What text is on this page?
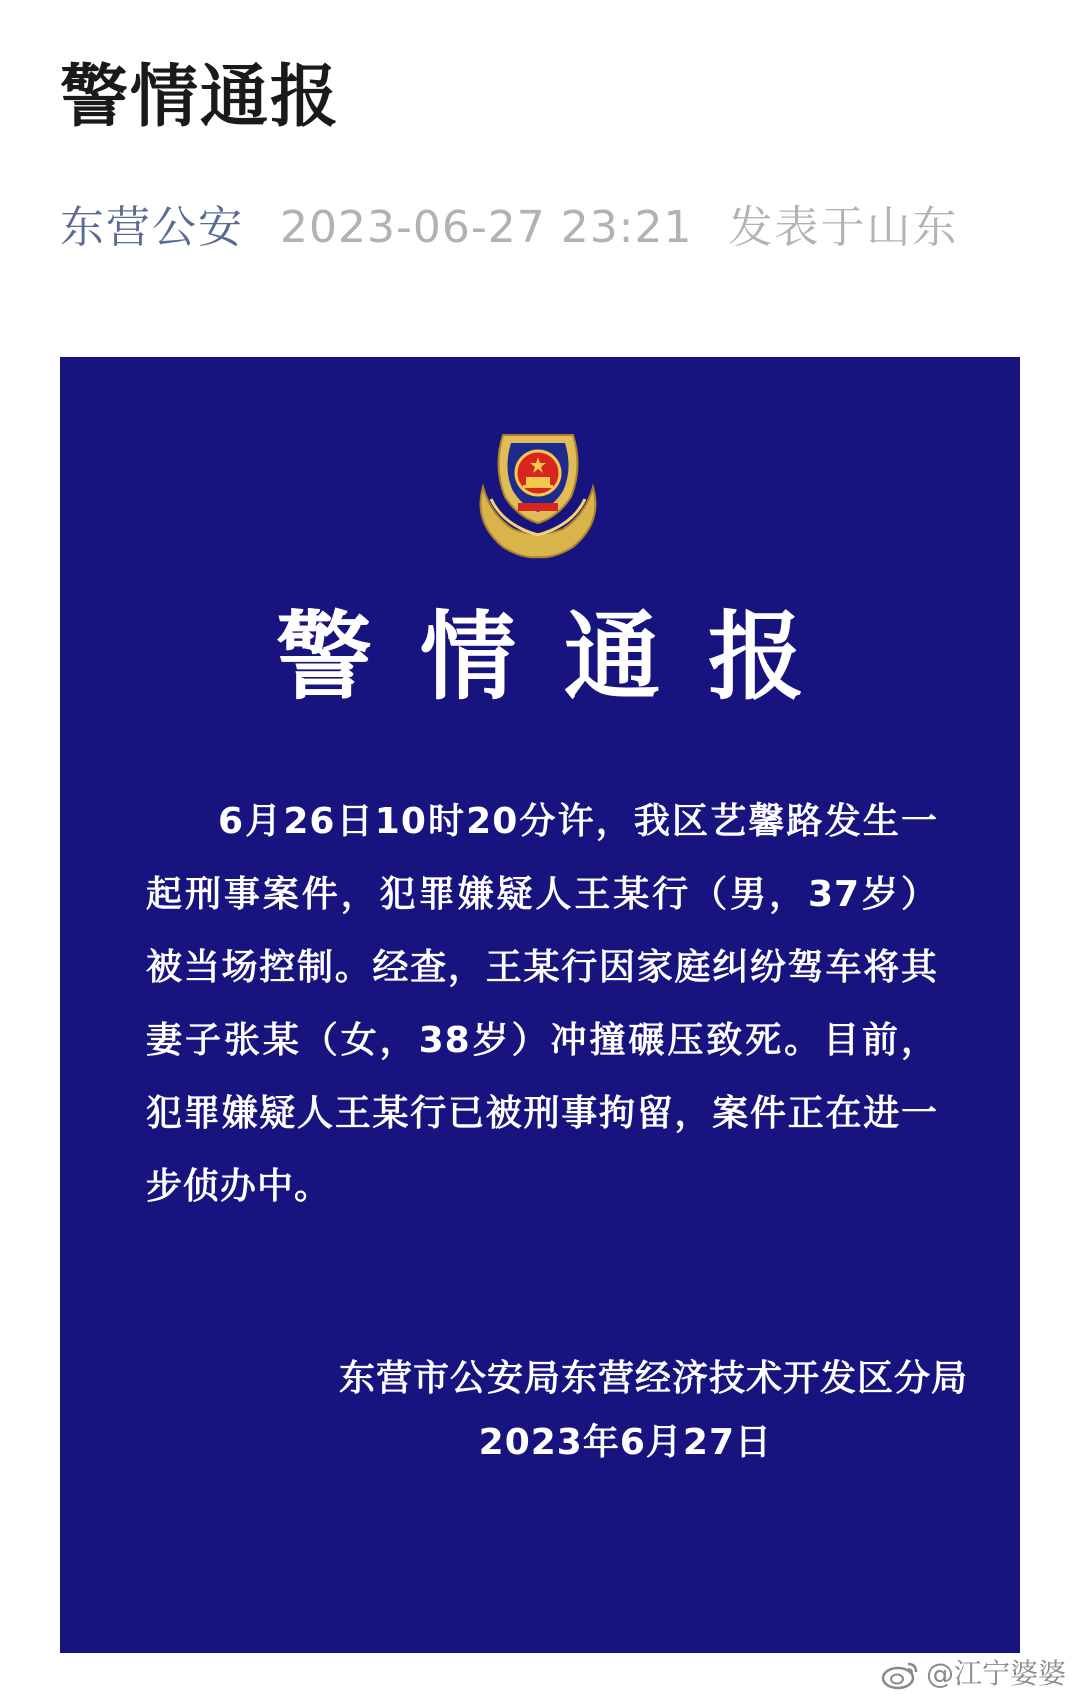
警情通报
东营公安 2023-06-27 23:21 发表于山东
警情通报
6月26日10时20分许，我区艺馨路发生一起刑事案件，犯罪嫌疑人王某行（男，37岁）被当场控制。经查，王某行因家庭纠纷驾车将其妻子张某（女，38岁）冲撞碾压致死。目前，犯罪嫌疑人王某行已被刑事拘留，案件正在进一步侦办中。
东营市公安局东营经济技术开发区分局
2023年6月27日
@江宁婆婆
